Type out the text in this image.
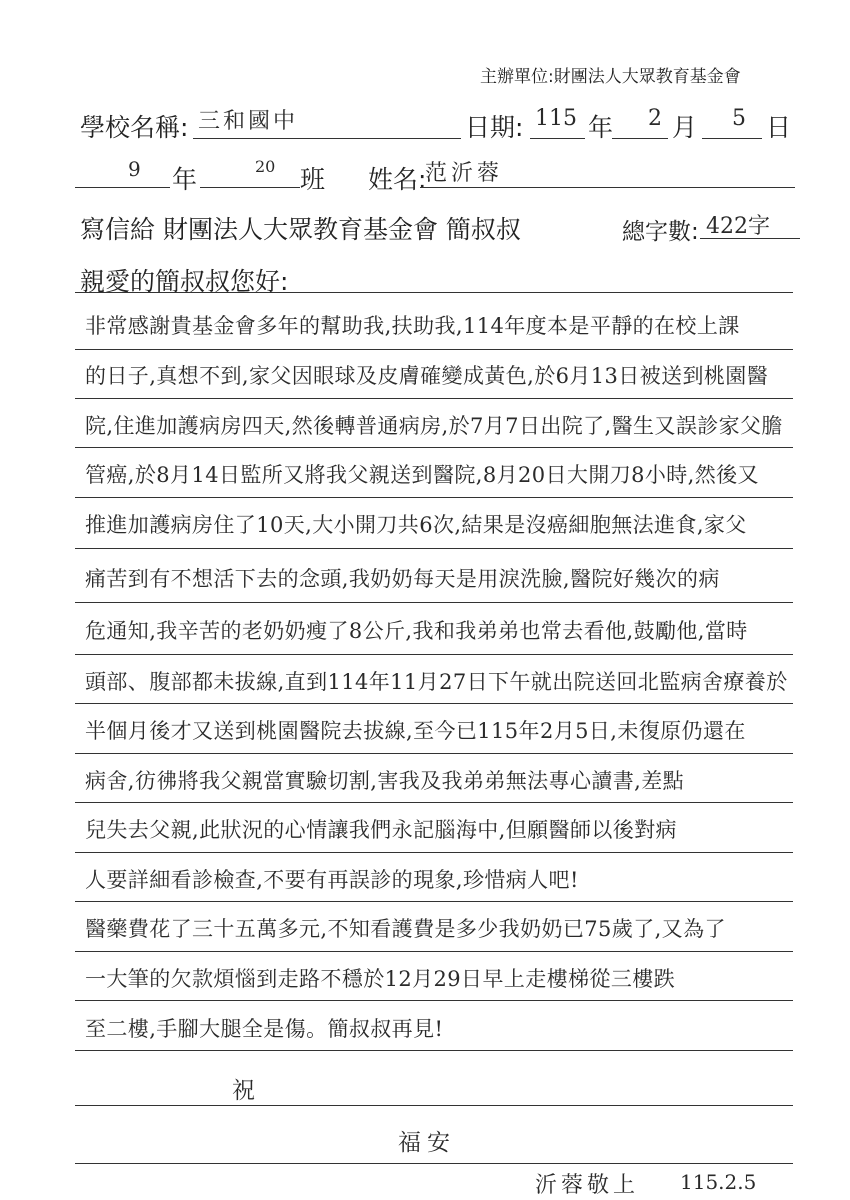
主辦單位:財團法人大眾教育基金會
學校名稱: 三和國中	日期: 115 年 2 月 5 日
9 年	20 班 姓名:
范沂蓉
寫信給 財團法人大眾教育基金會 簡叔叔	總字數: 422字
親愛的簡叔叔您好:
非常感謝貴基金會多年的幫助我,扶助我,114年度本是平靜的在校上課
的日子,真想不到,家父因眼球及皮膚確變成黃色,於6月13日被送到桃園醫
院,住進加護病房四天,然後轉普通病房,於7月7日出院了,醫生又誤診家父膽
管癌,於8月14日監所又將我父親送到醫院,8月20日大開刀8小時,然後又
推進加護病房住了10天,大小開刀共6次,結果是沒癌細胞無法進食,家父
痛苦到有不想活下去的念頭,我奶奶每天是用淚洗臉,醫院好幾次的病
危通知,我辛苦的老奶奶瘦了8公斤,我和我弟弟也常去看他,鼓勵他,當時
頭部、腹部都未拔線,直到114年11月27日下午就出院送回北監病舍療養於
半個月後才又送到桃園醫院去拔線,至今已115年2月5日,未復原仍還在
病舍,彷彿將我父親當實驗切割,害我及我弟弟無法專心讀書,差點
兒失去父親,此狀況的心情讓我們永記腦海中,但願醫師以後對病
人要詳細看診檢查,不要有再誤診的現象,珍惜病人吧!
醫藥費花了三十五萬多元,不知看護費是多少我奶奶已75歲了,又為了
一大筆的欠款煩惱到走路不穩於12月29日早上走樓梯從三樓跌
至二樓,手腳大腿全是傷。簡叔叔再見!
祝
福安
沂蓉敬上 115.2.5
